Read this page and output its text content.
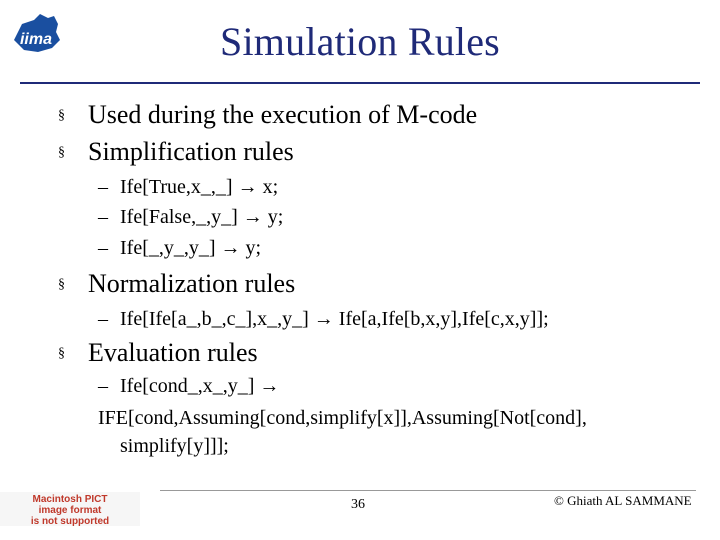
iima	Simulation Rules
§ Used during the execution of M-code
§ Simplification rules
– Ife[True,x_,_] → x;
– Ife[False,_,y_] → y;
– Ife[_,y_,y_] → y;
§ Normalization rules
– Ife[Ife[a_,b_,c_],x_,y_] → Ife[a,Ife[b,x,y],Ife[c,x,y]];
§ Evaluation rules
– Ife[cond_,x_,y_] →
IFE[cond,Assuming[cond,simplify[x]],Assuming[Not[cond],
simplify[y]]];
Macintosh PICT
image format
is not supported
36	© Ghiath AL SAMMANE
